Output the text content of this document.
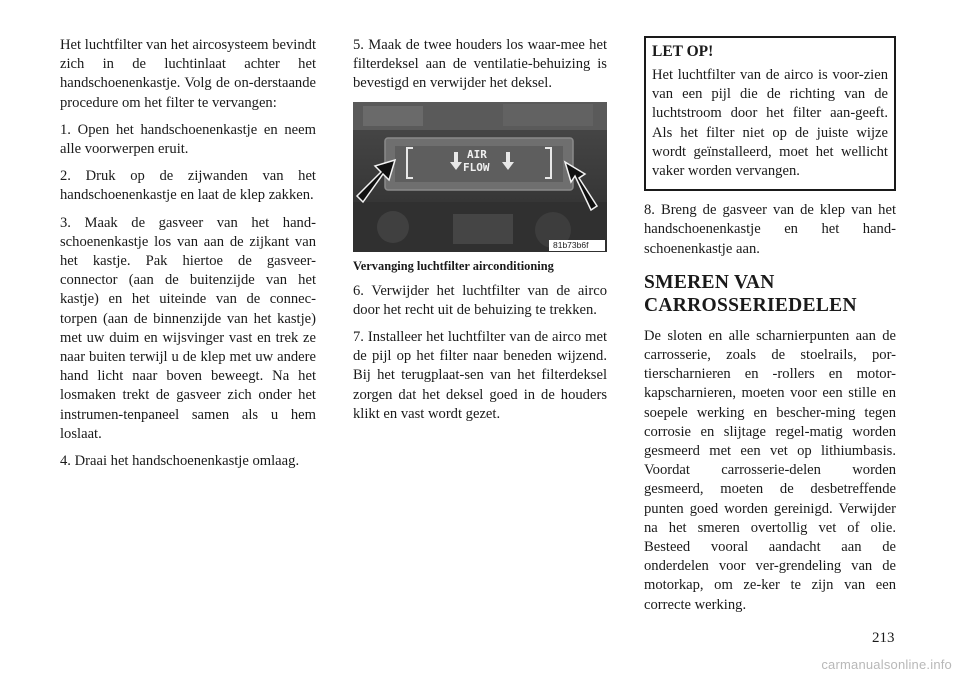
Het luchtfilter van het aircosysteem bevindt zich in de luchtinlaat achter het handschoenenkastje. Volg de on-derstaande procedure om het filter te vervangen:

1. Open het handschoenenkastje en neem alle voorwerpen eruit.

2. Druk op de zijwanden van het handschoenenkastje en laat de klep zakken.

3. Maak de gasveer van het hand-schoenenkastje los van aan de zijkant van het kastje. Pak hiertoe de gasveer-connector (aan de buitenzijde van het kastje) en het uiteinde van de connec-torpen (aan de binnenzijde van het kastje) met uw duim en wijsvinger vast en trek ze naar buiten terwijl u de klep met uw andere hand licht naar boven beweegt. Na het losmaken trekt de gasveer zich onder het instrumen-tenpaneel samen als u hem loslaat.

4. Draai het handschoenenkastje omlaag.

5. Maak de twee houders los waar-mee het filterdeksel aan de ventilatie-behuizing is bevestigd en verwijder het deksel.

AIR
FLOW
81b73b6f

Vervanging luchtfilter airconditioning

6. Verwijder het luchtfilter van de airco door het recht uit de behuizing te trekken.

7. Installeer het luchtfilter van de airco met de pijl op het filter naar beneden wijzend. Bij het terugplaat-sen van het filterdeksel zorgen dat het deksel goed in de houders klikt en vast wordt gezet.

LET OP!

Het luchtfilter van de airco is voor-zien van een pijl die de richting van de luchtstroom door het filter aan-geeft. Als het filter niet op de juiste wijze wordt geïnstalleerd, moet het wellicht vaker worden vervangen.

8. Breng de gasveer van de klep van het handschoenenkastje en het hand-schoenenkastje aan.

SMEREN VAN
CARROSSERIEDELEN

De sloten en alle scharnierpunten aan de carrosserie, zoals de stoelrails, por-tierscharnieren en -rollers en motor-kapscharnieren, moeten voor een stille en soepele werking en bescher-ming tegen corrosie en slijtage regel-matig worden gesmeerd met een vet op lithiumbasis. Voordat carrosserie-delen worden gesmeerd, moeten de desbetreffende punten goed worden gereinigd. Verwijder na het smeren overtollig vet of olie. Besteed vooral aandacht aan de onderdelen voor ver-grendeling van de motorkap, om ze-ker te zijn van een correcte werking.

213
carmanualsonline.info
